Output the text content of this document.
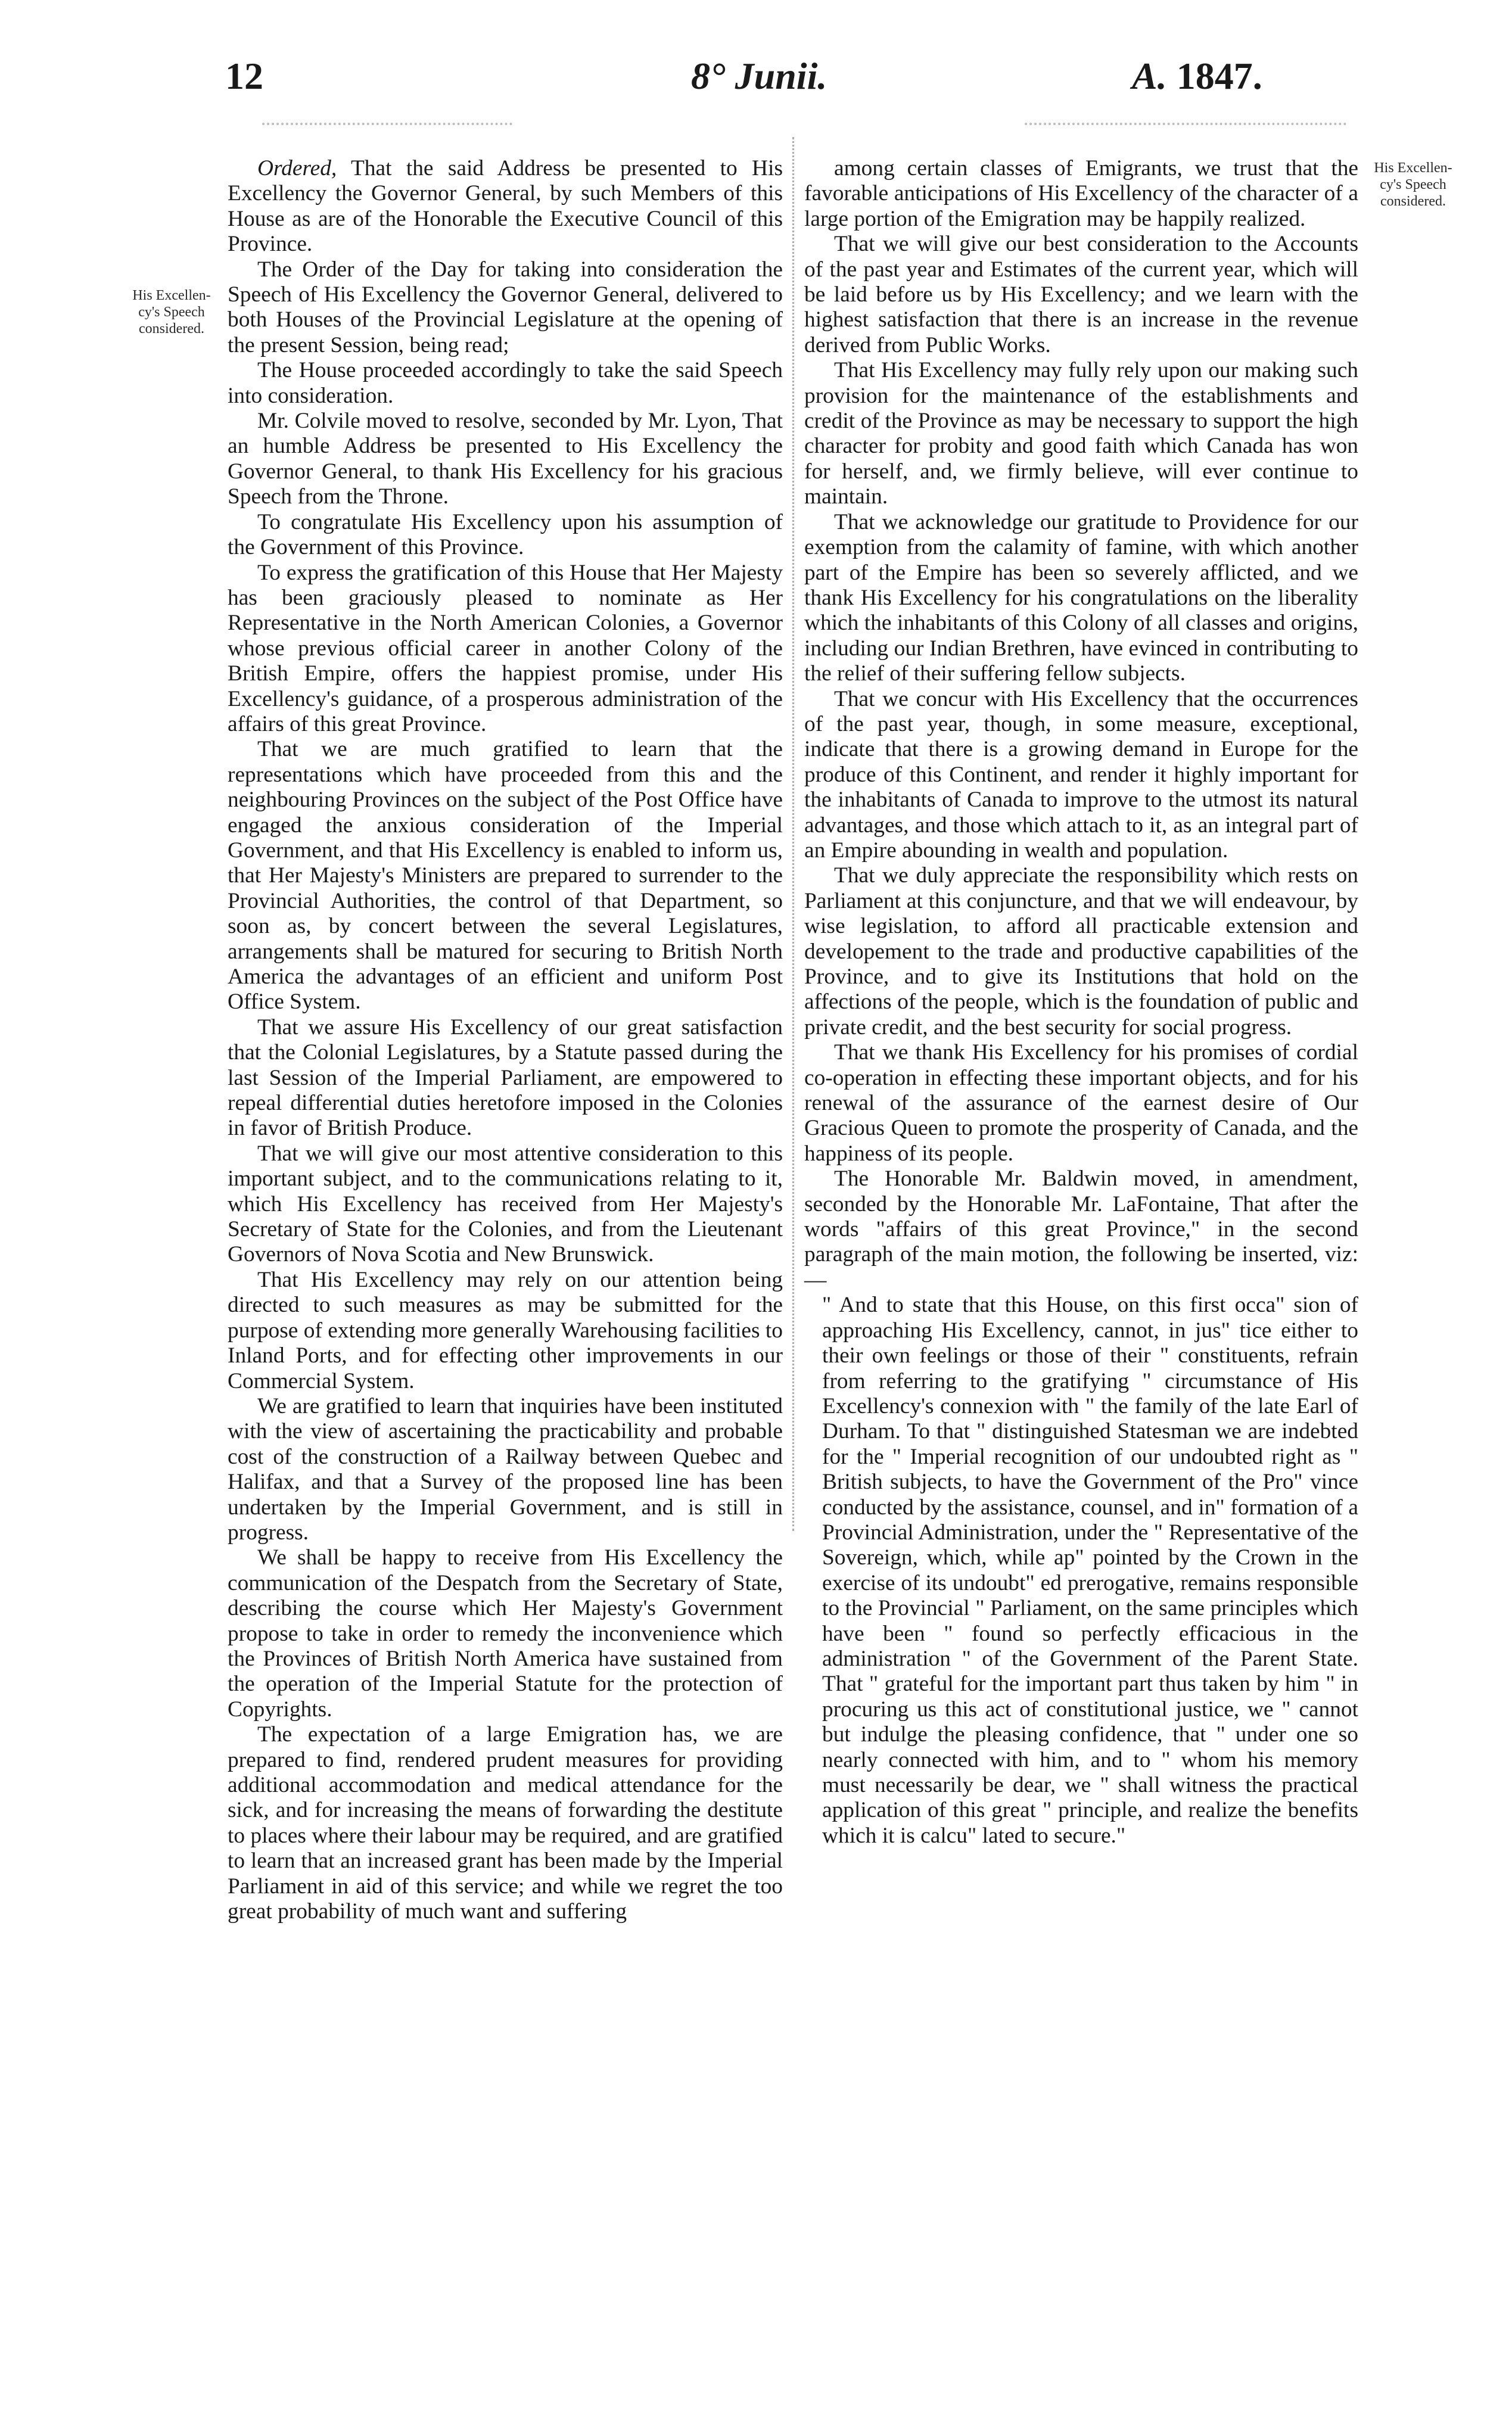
12	8° Junii.	A. 1847.
His Excellen-cy's Speech considered.
His Excellen-cy's Speech considered.

Ordered, That the said Address be presented to His Excellency the Governor General, by such Members of this House as are of the Honorable the Executive Council of this Province.

The Order of the Day for taking into consideration the Speech of His Excellency the Governor General, delivered to both Houses of the Provincial Legislature at the opening of the present Session, being read;

The House proceeded accordingly to take the said Speech into consideration.

Mr. Colvile moved to resolve, seconded by Mr. Lyon, That an humble Address be presented to His Excellency the Governor General, to thank His Excellency for his gracious Speech from the Throne.

To congratulate His Excellency upon his assumption of the Government of this Province.

To express the gratification of this House that Her Majesty has been graciously pleased to nominate as Her Representative in the North American Colonies, a Governor whose previous official career in another Colony of the British Empire, offers the happiest promise, under His Excellency's guidance, of a prosperous administration of the affairs of this great Province.

That we are much gratified to learn that the representations which have proceeded from this and the neighbouring Provinces on the subject of the Post Office have engaged the anxious consideration of the Imperial Government, and that His Excellency is enabled to inform us, that Her Majesty's Ministers are prepared to surrender to the Provincial Authorities, the control of that Department, so soon as, by concert between the several Legislatures, arrangements shall be matured for securing to British North America the advantages of an efficient and uniform Post Office System.

That we assure His Excellency of our great satisfaction that the Colonial Legislatures, by a Statute passed during the last Session of the Imperial Parliament, are empowered to repeal differential duties heretofore imposed in the Colonies in favor of British Produce.

That we will give our most attentive consideration to this important subject, and to the communications relating to it, which His Excellency has received from Her Majesty's Secretary of State for the Colonies, and from the Lieutenant Governors of Nova Scotia and New Brunswick.

That His Excellency may rely on our attention being directed to such measures as may be submitted for the purpose of extending more generally Warehousing facilities to Inland Ports, and for effecting other improvements in our Commercial System.

We are gratified to learn that inquiries have been instituted with the view of ascertaining the practicability and probable cost of the construction of a Railway between Quebec and Halifax, and that a Survey of the proposed line has been undertaken by the Imperial Government, and is still in progress.

We shall be happy to receive from His Excellency the communication of the Despatch from the Secretary of State, describing the course which Her Majesty's Government propose to take in order to remedy the inconvenience which the Provinces of British North America have sustained from the operation of the Imperial Statute for the protection of Copyrights.

The expectation of a large Emigration has, we are prepared to find, rendered prudent measures for providing additional accommodation and medical attendance for the sick, and for increasing the means of forwarding the destitute to places where their labour may be required, and are gratified to learn that an increased grant has been made by the Imperial Parliament in aid of this service; and while we regret the too great probability of much want and suffering

among certain classes of Emigrants, we trust that the favorable anticipations of His Excellency of the character of a large portion of the Emigration may be happily realized.

That we will give our best consideration to the Accounts of the past year and Estimates of the current year, which will be laid before us by His Excellency; and we learn with the highest satisfaction that there is an increase in the revenue derived from Public Works.

That His Excellency may fully rely upon our making such provision for the maintenance of the establishments and credit of the Province as may be necessary to support the high character for probity and good faith which Canada has won for herself, and, we firmly believe, will ever continue to maintain.

That we acknowledge our gratitude to Providence for our exemption from the calamity of famine, with which another part of the Empire has been so severely afflicted, and we thank His Excellency for his congratulations on the liberality which the inhabitants of this Colony of all classes and origins, including our Indian Brethren, have evinced in contributing to the relief of their suffering fellow subjects.

That we concur with His Excellency that the occurrences of the past year, though, in some measure, exceptional, indicate that there is a growing demand in Europe for the produce of this Continent, and render it highly important for the inhabitants of Canada to improve to the utmost its natural advantages, and those which attach to it, as an integral part of an Empire abounding in wealth and population.

That we duly appreciate the responsibility which rests on Parliament at this conjuncture, and that we will endeavour, by wise legislation, to afford all practicable extension and developement to the trade and productive capabilities of the Province, and to give its Institutions that hold on the affections of the people, which is the foundation of public and private credit, and the best security for social progress.

That we thank His Excellency for his promises of cordial co-operation in effecting these important objects, and for his renewal of the assurance of the earnest desire of Our Gracious Queen to promote the prosperity of Canada, and the happiness of its people.

The Honorable Mr. Baldwin moved, in amendment, seconded by the Honorable Mr. LaFontaine, That after the words "affairs of this great Province," in the second paragraph of the main motion, the following be inserted, viz:—

" And to state that this House, on this first occa" sion of approaching His Excellency, cannot, in jus" tice either to their own feelings or those of their " constituents, refrain from referring to the gratifying " circumstance of His Excellency's connexion with " the family of the late Earl of Durham. To that " distinguished Statesman we are indebted for the " Imperial recognition of our undoubted right as " British subjects, to have the Government of the Pro" vince conducted by the assistance, counsel, and in" formation of a Provincial Administration, under the " Representative of the Sovereign, which, while ap" pointed by the Crown in the exercise of its undoubt" ed prerogative, remains responsible to the Provincial " Parliament, on the same principles which have been " found so perfectly efficacious in the administration " of the Government of the Parent State. That " grateful for the important part thus taken by him " in procuring us this act of constitutional justice, we " cannot but indulge the pleasing confidence, that " under one so nearly connected with him, and to " whom his memory must necessarily be dear, we " shall witness the practical application of this great " principle, and realize the benefits which it is calcu" lated to secure."
